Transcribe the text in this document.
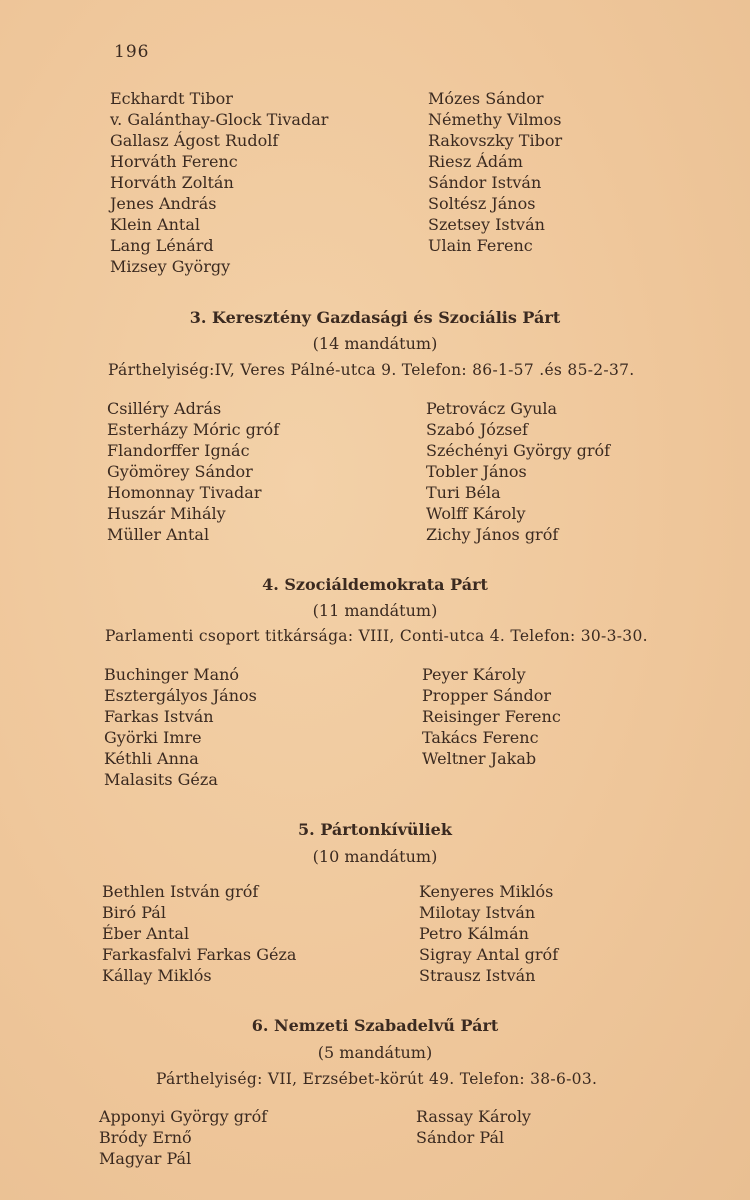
196
Eckhardt Tibor
v. Galánthay-Glock Tivadar
Gallasz Ágost Rudolf
Horváth Ferenc
Horváth Zoltán
Jenes András
Klein Antal
Lang Lénárd
Mizsey György
Mózes Sándor
Némethy Vilmos
Rakovszky Tibor
Riesz Ádám
Sándor István
Soltész János
Szetsey István
Ulain Ferenc
3. Keresztény Gazdasági és Szociális Párt
(14 mandátum)
Párthelyiség:IV, Veres Pálné-utca 9. Telefon: 86-1-57 .és 85-2-37.
Csilléry Adrás
Esterházy Móric gróf
Flandorffer Ignác
Gyömörey Sándor
Homonnay Tivadar
Huszár Mihály
Müller Antal
Petrovácz Gyula
Szabó József
Széchényi György gróf
Tobler János
Turi Béla
Wolff Károly
Zichy János gróf
4. Szociáldemokrata Párt
(11 mandátum)
Parlamenti csoport titkársága: VIII, Conti-utca 4. Telefon: 30-3-30.
Buchinger Manó
Esztergályos János
Farkas István
Györki Imre
Kéthli Anna
Malasits Géza
Peyer Károly
Propper Sándor
Reisinger Ferenc
Takács Ferenc
Weltner Jakab
5. Pártonkívüliek
(10 mandátum)
Bethlen István gróf
Biró Pál
Éber Antal
Farkasfalvi Farkas Géza
Kállay Miklós
Kenyeres Miklós
Milotay István
Petro Kálmán
Sigray Antal gróf
Strausz István
6. Nemzeti Szabadelvű Párt
(5 mandátum)
Párthelyiség: VII, Erzsébet-körút 49. Telefon: 38-6-03.
Apponyi György gróf
Bródy Ernő
Magyar Pál
Rassay Károly
Sándor Pál
